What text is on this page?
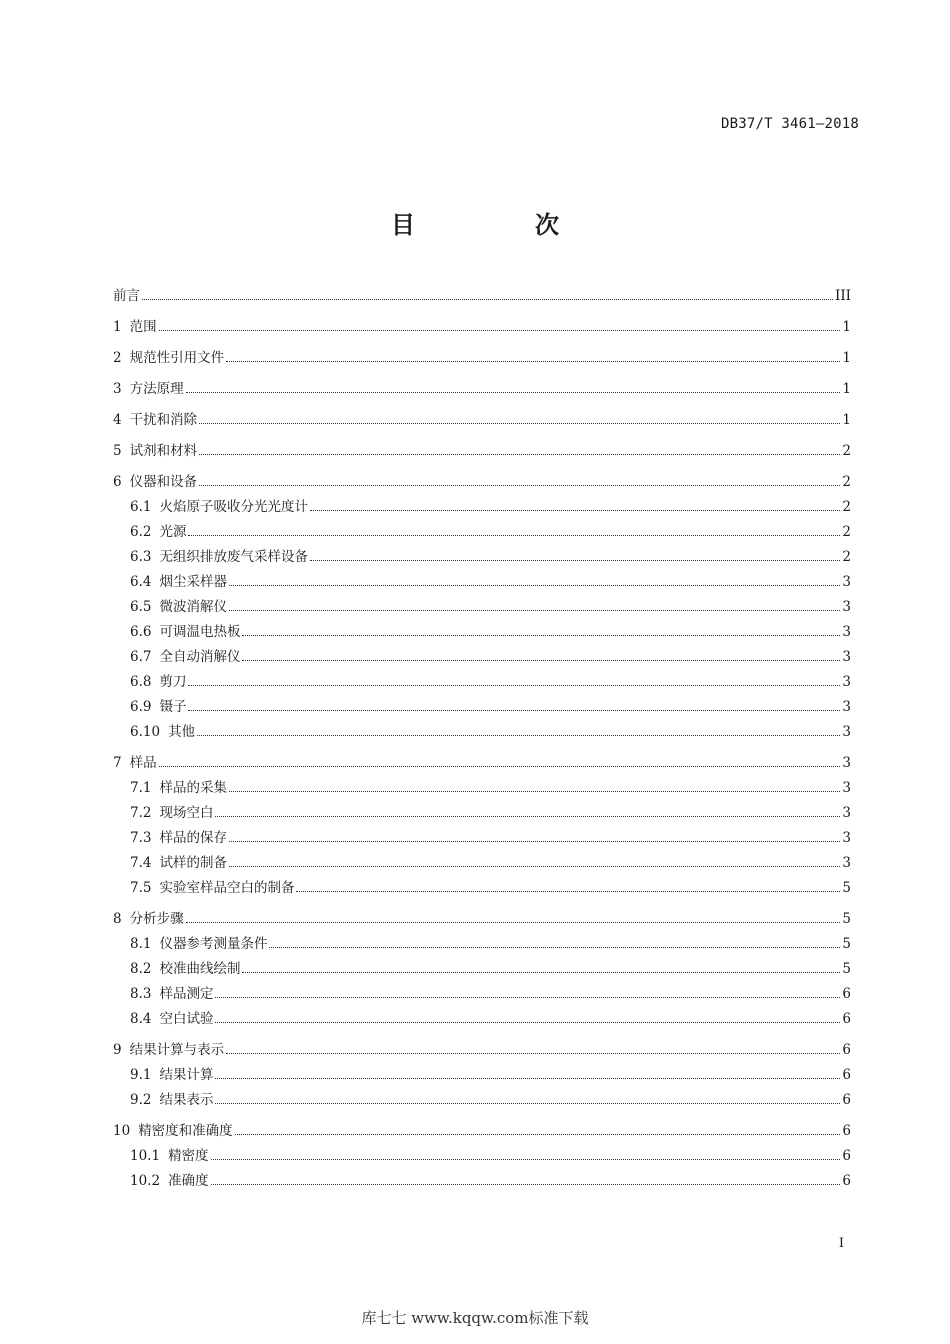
DB37/T 3461—2018
目　次
前言	III
1 范围	1
2 规范性引用文件	1
3 方法原理	1
4 干扰和消除	1
5 试剂和材料	2
6 仪器和设备	2
6.1 火焰原子吸收分光光度计	2
6.2 光源	2
6.3 无组织排放废气采样设备	2
6.4 烟尘采样器	3
6.5 微波消解仪	3
6.6 可调温电热板	3
6.7 全自动消解仪	3
6.8 剪刀	3
6.9 镊子	3
6.10 其他	3
7 样品	3
7.1 样品的采集	3
7.2 现场空白	3
7.3 样品的保存	3
7.4 试样的制备	3
7.5 实验室样品空白的制备	5
8 分析步骤	5
8.1 仪器参考测量条件	5
8.2 校准曲线绘制	5
8.3 样品测定	6
8.4 空白试验	6
9 结果计算与表示	6
9.1 结果计算	6
9.2 结果表示	6
10 精密度和准确度	6
10.1 精密度	6
10.2 准确度	6
I
库七七 www.kqqw.com标准下载
